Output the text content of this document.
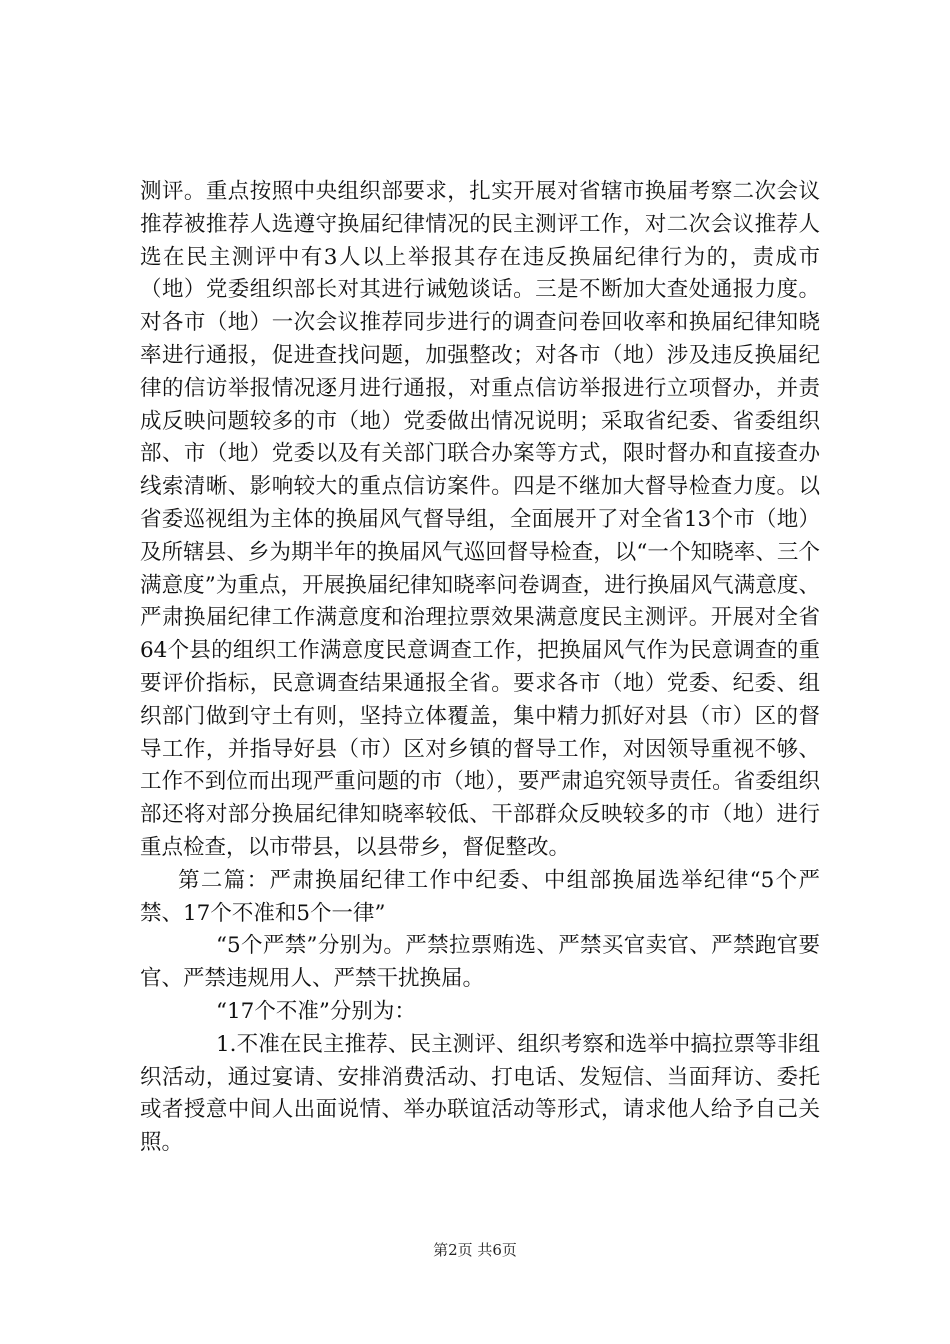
测评。重点按照中央组织部要求，扎实开展对省辖市换届考察二次会议推荐被推荐人选遵守换届纪律情况的民主测评工作，对二次会议推荐人选在民主测评中有3人以上举报其存在违反换届纪律行为的，责成市（地）党委组织部长对其进行诫勉谈话。三是不断加大查处通报力度。对各市（地）一次会议推荐同步进行的调查问卷回收率和换届纪律知晓率进行通报，促进查找问题，加强整改；对各市（地）涉及违反换届纪律的信访举报情况逐月进行通报，对重点信访举报进行立项督办，并责成反映问题较多的市（地）党委做出情况说明；采取省纪委、省委组织部、市（地）党委以及有关部门联合办案等方式，限时督办和直接查办线索清晰、影响较大的重点信访案件。四是不继加大督导检查力度。以省委巡视组为主体的换届风气督导组，全面展开了对全省13个市（地）及所辖县、乡为期半年的换届风气巡回督导检查，以“一个知晓率、三个满意度”为重点，开展换届纪律知晓率问卷调查，进行换届风气满意度、严肃换届纪律工作满意度和治理拉票效果满意度民主测评。开展对全省64个县的组织工作满意度民意调查工作，把换届风气作为民意调查的重要评价指标，民意调查结果通报全省。要求各市（地）党委、纪委、组织部门做到守土有则，坚持立体覆盖，集中精力抓好对县（市）区的督导工作，并指导好县（市）区对乡镇的督导工作，对因领导重视不够、工作不到位而出现严重问题的市（地），要严肃追究领导责任。省委组织部还将对部分换届纪律知晓率较低、干部群众反映较多的市（地）进行重点检查，以市带县，以县带乡，督促整改。

第二篇：严肃换届纪律工作中纪委、中组部换届选举纪律“5个严禁、17个不准和5个一律”

“5个严禁”分别为。严禁拉票贿选、严禁买官卖官、严禁跑官要官、严禁违规用人、严禁干扰换届。

“17个不准”分别为：

1.不准在民主推荐、民主测评、组织考察和选举中搞拉票等非组织活动，通过宴请、安排消费活动、打电话、发短信、当面拜访、委托或者授意中间人出面说情、举办联谊活动等形式，请求他人给予自己关照。

第2页 共6页
